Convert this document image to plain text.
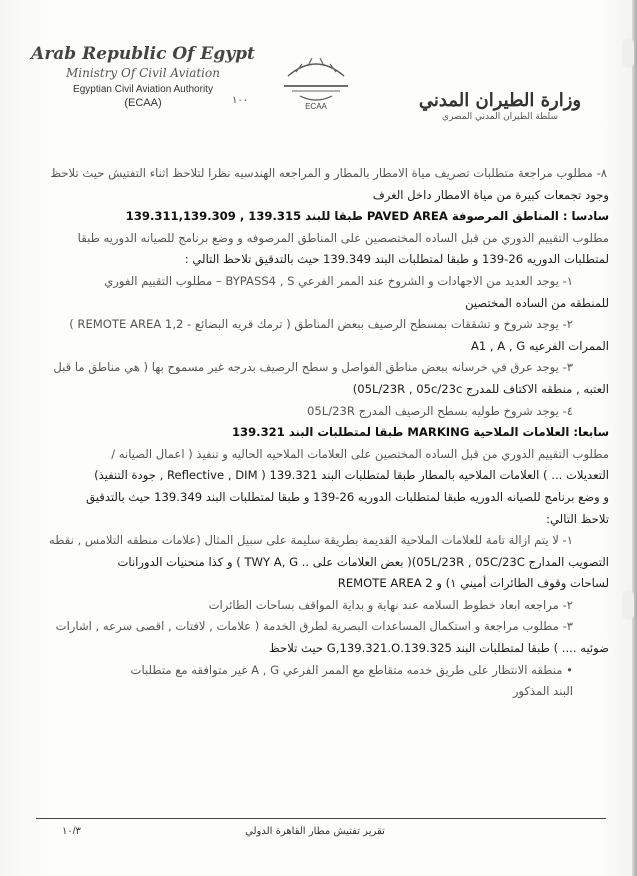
Arab Republic Of Egypt
Ministry Of Civil Aviation
Egyptian Civil Aviation Authority
(ECAA)	ECAA
١٠٠	وزارة الطيران المدني
سلطة الطيران المدني المصري
٨- مطلوب مراجعة متطلبات تصريف مياة الامطار بالمطار و المراجعه الهندسيه نظرا لتلاحظ اثناء التفتيش حيث تلاحظ
وجود تجمعات كبيرة من مياة الامطار داخل الغرف
سادسا : المناطق المرصوفة PAVED AREA طبقا للبند 139.315 , 139.311,139.309
مطلوب التقييم الدوري من قبل الساده المختصصين على المناطق المرصوفه و وضع برنامج للصيانه الدوريه طبقا
لمتطلبات الدوريه 26-139 و طبقا لمتطلبات البند 139.349 حيث بالتدقيق تلاحظ التالي :
١- يوجد العديد من الاجهادات و الشروخ عند الممر الفرعي BYPASS4 , S – مطلوب التقييم الفوري
للمنطقه من الساده المختصين
٢- يوجد شروخ و تشققات بمسطح الرصيف ببعض المناطق ( ترمك قريه البضائع - REMOTE AREA 1,2 )
الممرات الفرعيه A1 , A , G
٣- يوجد عرق في خرسانه ببعض مناطق الفواصل و سطح الرصيف بدرجه غير مسموح بها ( هي مناطق ما قبل
العتبه , منطقه الاكتاف للمدرج 05L/23R , 05c/23c)
٤- يوجد شروخ طوليه بسطح الرصيف المدرج 05L/23R
سابعا: العلامات الملاحية MARKING طبقا لمتطلبات البند 139.321
مطلوب التقييم الدوري من قبل الساده المختصين على العلامات الملاحيه الحاليه و تنفيذ ( اعمال الصيانه /
التعديلات ... ) العلامات الملاحيه بالمطار طبقا لمتطلبات البند 139.321 ( Reflective , DIM , جودة التنفيذ)
و وضع برنامج للصيانه الدوريه طبقا لمتطلبات الدوريه 26-139 و طبقا لمتطلبات البند 139.349 حيث بالتدقيق
تلاحظ التالي:
١- لا يتم ازالة تامة للعلامات الملاحية القديمة بطريقة سليمة على سبيل المثال (علامات منطقه التلامس , نقطه
التصويب المدارج 05L/23R , 05C/23C)( بعض العلامات على .. TWY A, G ) و كذا منحنيات الدورانات
لساحات وقوف الطائرات أميني ١) و REMOTE AREA 2
٢- مراجعه ابعاد خطوط السلامه عند نهاية و بداية المواقف بساحات الطائرات
٣- مطلوب مراجعة و استكمال المساعدات البصرية لطرق الخدمة ( علامات , لافتات , اقصى سرعه , اشارات
ضوئيه .... ) طبقا لمتطلبات البند 139.325.G,139.321.O حيث تلاحظ
• منطقه الانتظار على طريق خدمه متقاطع مع الممر الفرعي A , G غير متوافقه مع متطلبات
البند المذكور
١٠/٣	تقرير تفتيش مطار القاهرة الدولي
